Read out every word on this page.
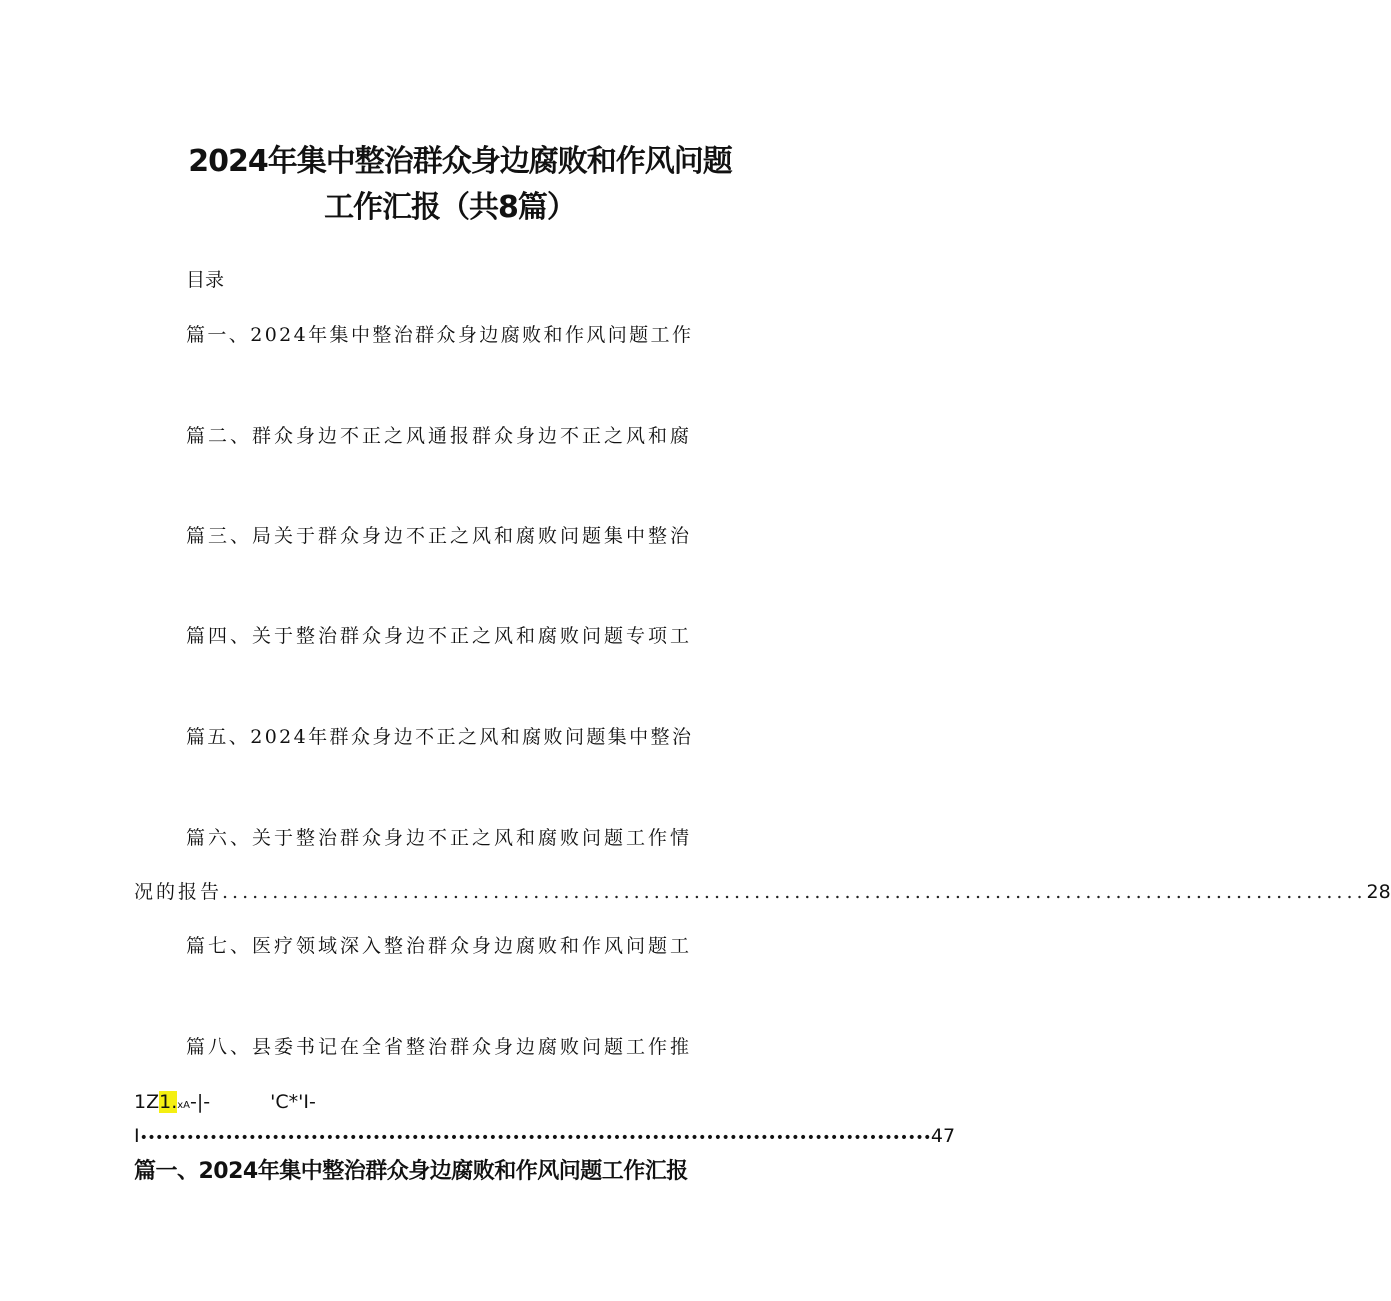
2024年集中整治群众身边腐败和作风问题
工作汇报（共8篇）
目录
篇一、2024年集中整治群众身边腐败和作风问题工作
篇二、群众身边不正之风通报群众身边不正之风和腐
篇三、局关于群众身边不正之风和腐败问题集中整治
篇四、关于整治群众身边不正之风和腐败问题专项工
篇五、2024年群众身边不正之风和腐败问题集中整治
篇六、关于整治群众身边不正之风和腐败问题工作情
况的报告 .................................................................................................................. 28
篇七、医疗领域深入整治群众身边腐败和作风问题工
篇八、县委书记在全省整治群众身边腐败问题工作推
1Z1.xA-|-	'C*'I-
I •••••••••••••••••••••••••••••••••••••••••••••••••••••••••••••••••••••••••••••••••••••••••••••••••••••• 47
篇一、2024年集中整治群众身边腐败和作风问题工作汇报
